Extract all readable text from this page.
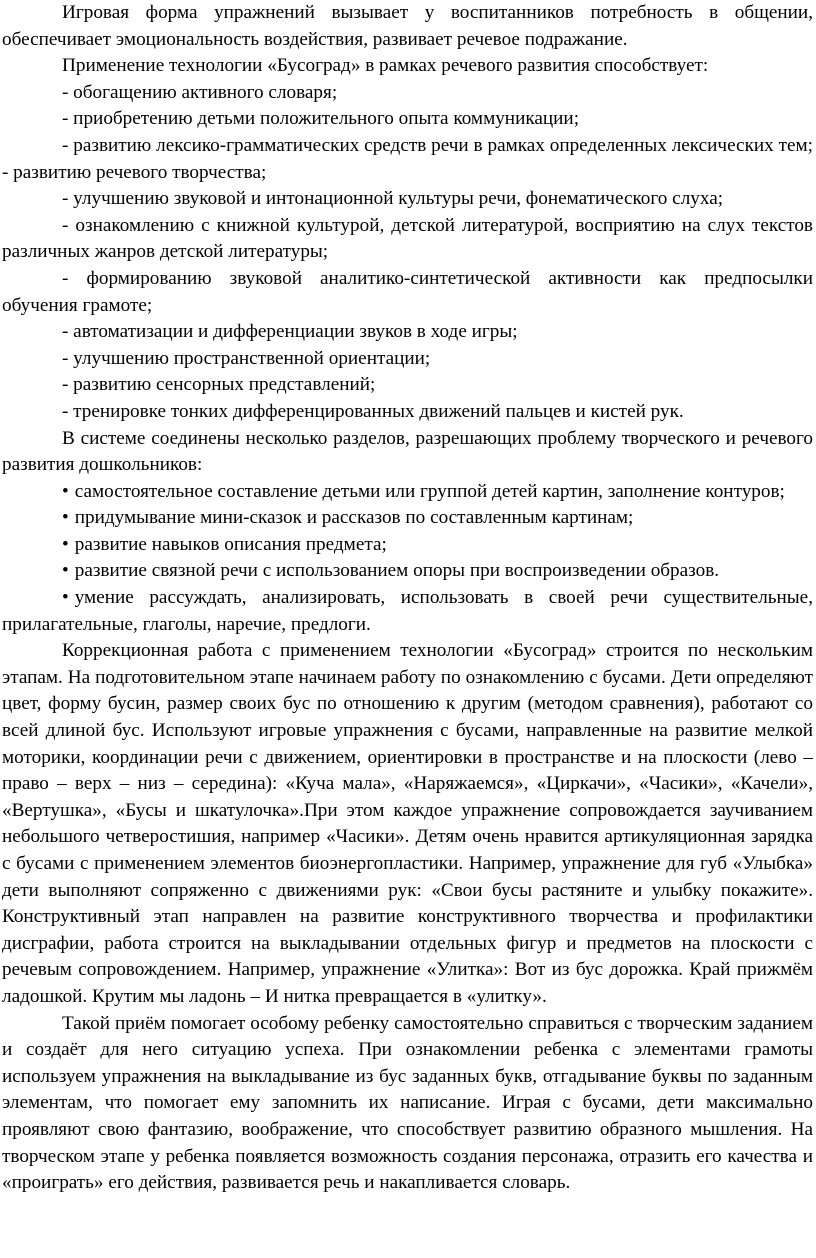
Игровая форма упражнений вызывает у воспитанников потребность в общении, обеспечивает эмоциональность воздействия, развивает речевое подражание.

Применение технологии «Бусоград» в рамках речевого развития способствует:

- обогащению активного словаря;

- приобретению детьми положительного опыта коммуникации;

- развитию лексико-грамматических средств речи в рамках определенных лексических тем; - развитию речевого творчества;

- улучшению звуковой и интонационной культуры речи, фонематического слуха;

- ознакомлению с книжной культурой, детской литературой, восприятию на слух текстов различных жанров детской литературы;

- формированию звуковой аналитико-синтетической активности как предпосылки обучения грамоте;

- автоматизации и дифференциации звуков в ходе игры;

- улучшению пространственной ориентации;

- развитию сенсорных представлений;

- тренировке тонких дифференцированных движений пальцев и кистей рук.

В системе соединены несколько разделов, разрешающих проблему творческого и речевого развития дошкольников:

• самостоятельное составление детьми или группой детей картин, заполнение контуров;

• придумывание мини-сказок и рассказов по составленным картинам;

• развитие навыков описания предмета;

• развитие связной речи с использованием опоры при воспроизведении образов.

• умение рассуждать, анализировать, использовать в своей речи существительные, прилагательные, глаголы, наречие, предлоги.

Коррекционная работа с применением технологии «Бусоград» строится по нескольким этапам. На подготовительном этапе начинаем работу по ознакомлению с бусами. Дети определяют цвет, форму бусин, размер своих бус по отношению к другим (методом сравнения), работают со всей длиной бус. Используют игровые упражнения с бусами, направленные на развитие мелкой моторики, координации речи с движением, ориентировки в пространстве и на плоскости (лево – право – верх – низ – середина): «Куча мала», «Наряжаемся», «Циркачи», «Часики», «Качели», «Вертушка», «Бусы и шкатулочка».При этом каждое упражнение сопровождается заучиванием небольшого четверостишия, например «Часики». Детям очень нравится артикуляционная зарядка с бусами с применением элементов биоэнергопластики. Например, упражнение для губ «Улыбка» дети выполняют сопряженно с движениями рук: «Свои бусы растяните и улыбку покажите». Конструктивный этап направлен на развитие конструктивного творчества и профилактики дисграфии, работа строится на выкладывании отдельных фигур и предметов на плоскости с речевым сопровождением. Например, упражнение «Улитка»: Вот из бус дорожка. Край прижмём ладошкой. Крутим мы ладонь – И нитка превращается в «улитку».

Такой приём помогает особому ребенку самостоятельно справиться с творческим заданием и создаёт для него ситуацию успеха. При ознакомлении ребенка с элементами грамоты используем упражнения на выкладывание из бус заданных букв, отгадывание буквы по заданным элементам, что помогает ему запомнить их написание. Играя с бусами, дети максимально проявляют свою фантазию, воображение, что способствует развитию образного мышления. На творческом этапе у ребенка появляется возможность создания персонажа, отразить его качества и «проиграть» его действия, развивается речь и накапливается словарь.
